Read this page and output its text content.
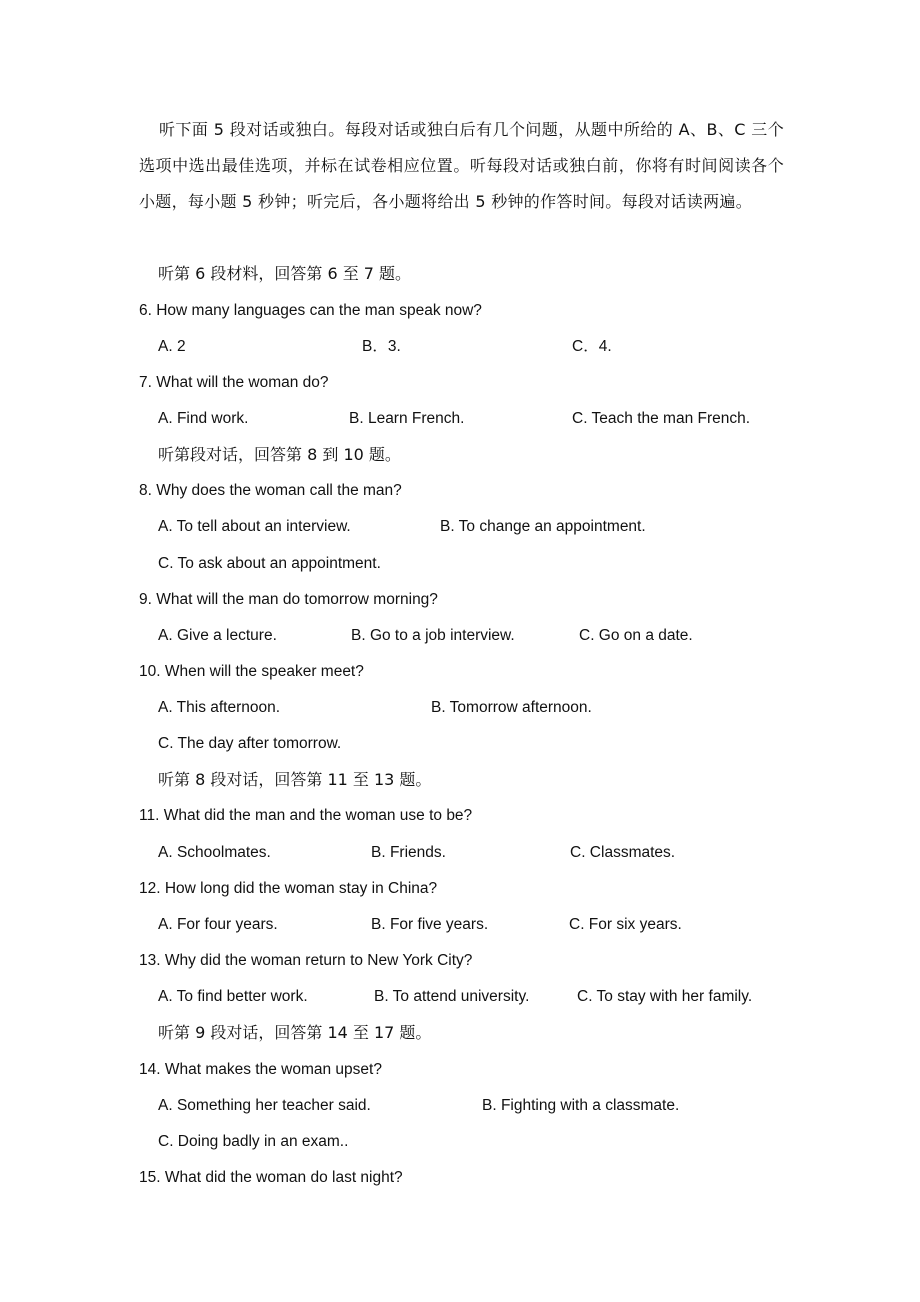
听下面 5 段对话或独白。每段对话或独白后有几个问题，从题中所给的 A、B、C 三个选项中选出最佳选项，并标在试卷相应位置。听每段对话或独白前，你将有时间阅读各个小题，每小题 5 秒钟；听完后，各小题将给出 5 秒钟的作答时间。每段对话读两遍。
听第 6 段材料，回答第 6 至 7 题。
6. How many languages can the man speak now?
A. 2	B．3.	C．4.
7. What will the woman do?
A. Find work.	B. Learn French.	C. Teach the man French.
听第段对话，回答第 8 到 10 题。
8. Why does the woman call the man?
A. To tell about an interview.	B. To change an appointment.
C. To ask about an appointment.
9. What will the man do tomorrow morning?
A. Give a lecture.	B. Go to a job interview.	C. Go on a date.
10. When will the speaker meet?
A. This afternoon.	B. Tomorrow afternoon.
C. The day after tomorrow.
听第 8 段对话，回答第 11 至 13 题。
11. What did the man and the woman use to be?
A. Schoolmates.	B. Friends.	C. Classmates.
12. How long did the woman stay in China?
A. For four years.	B. For five years.	C. For six years.
13. Why did the woman return to New York City?
A. To find better work.	B. To attend university.	C. To stay with her family.
听第 9 段对话，回答第 14 至 17 题。
14. What makes the woman upset?
A. Something her teacher said.	B. Fighting with a classmate.
C. Doing badly in an exam..
15. What did the woman do last night?
